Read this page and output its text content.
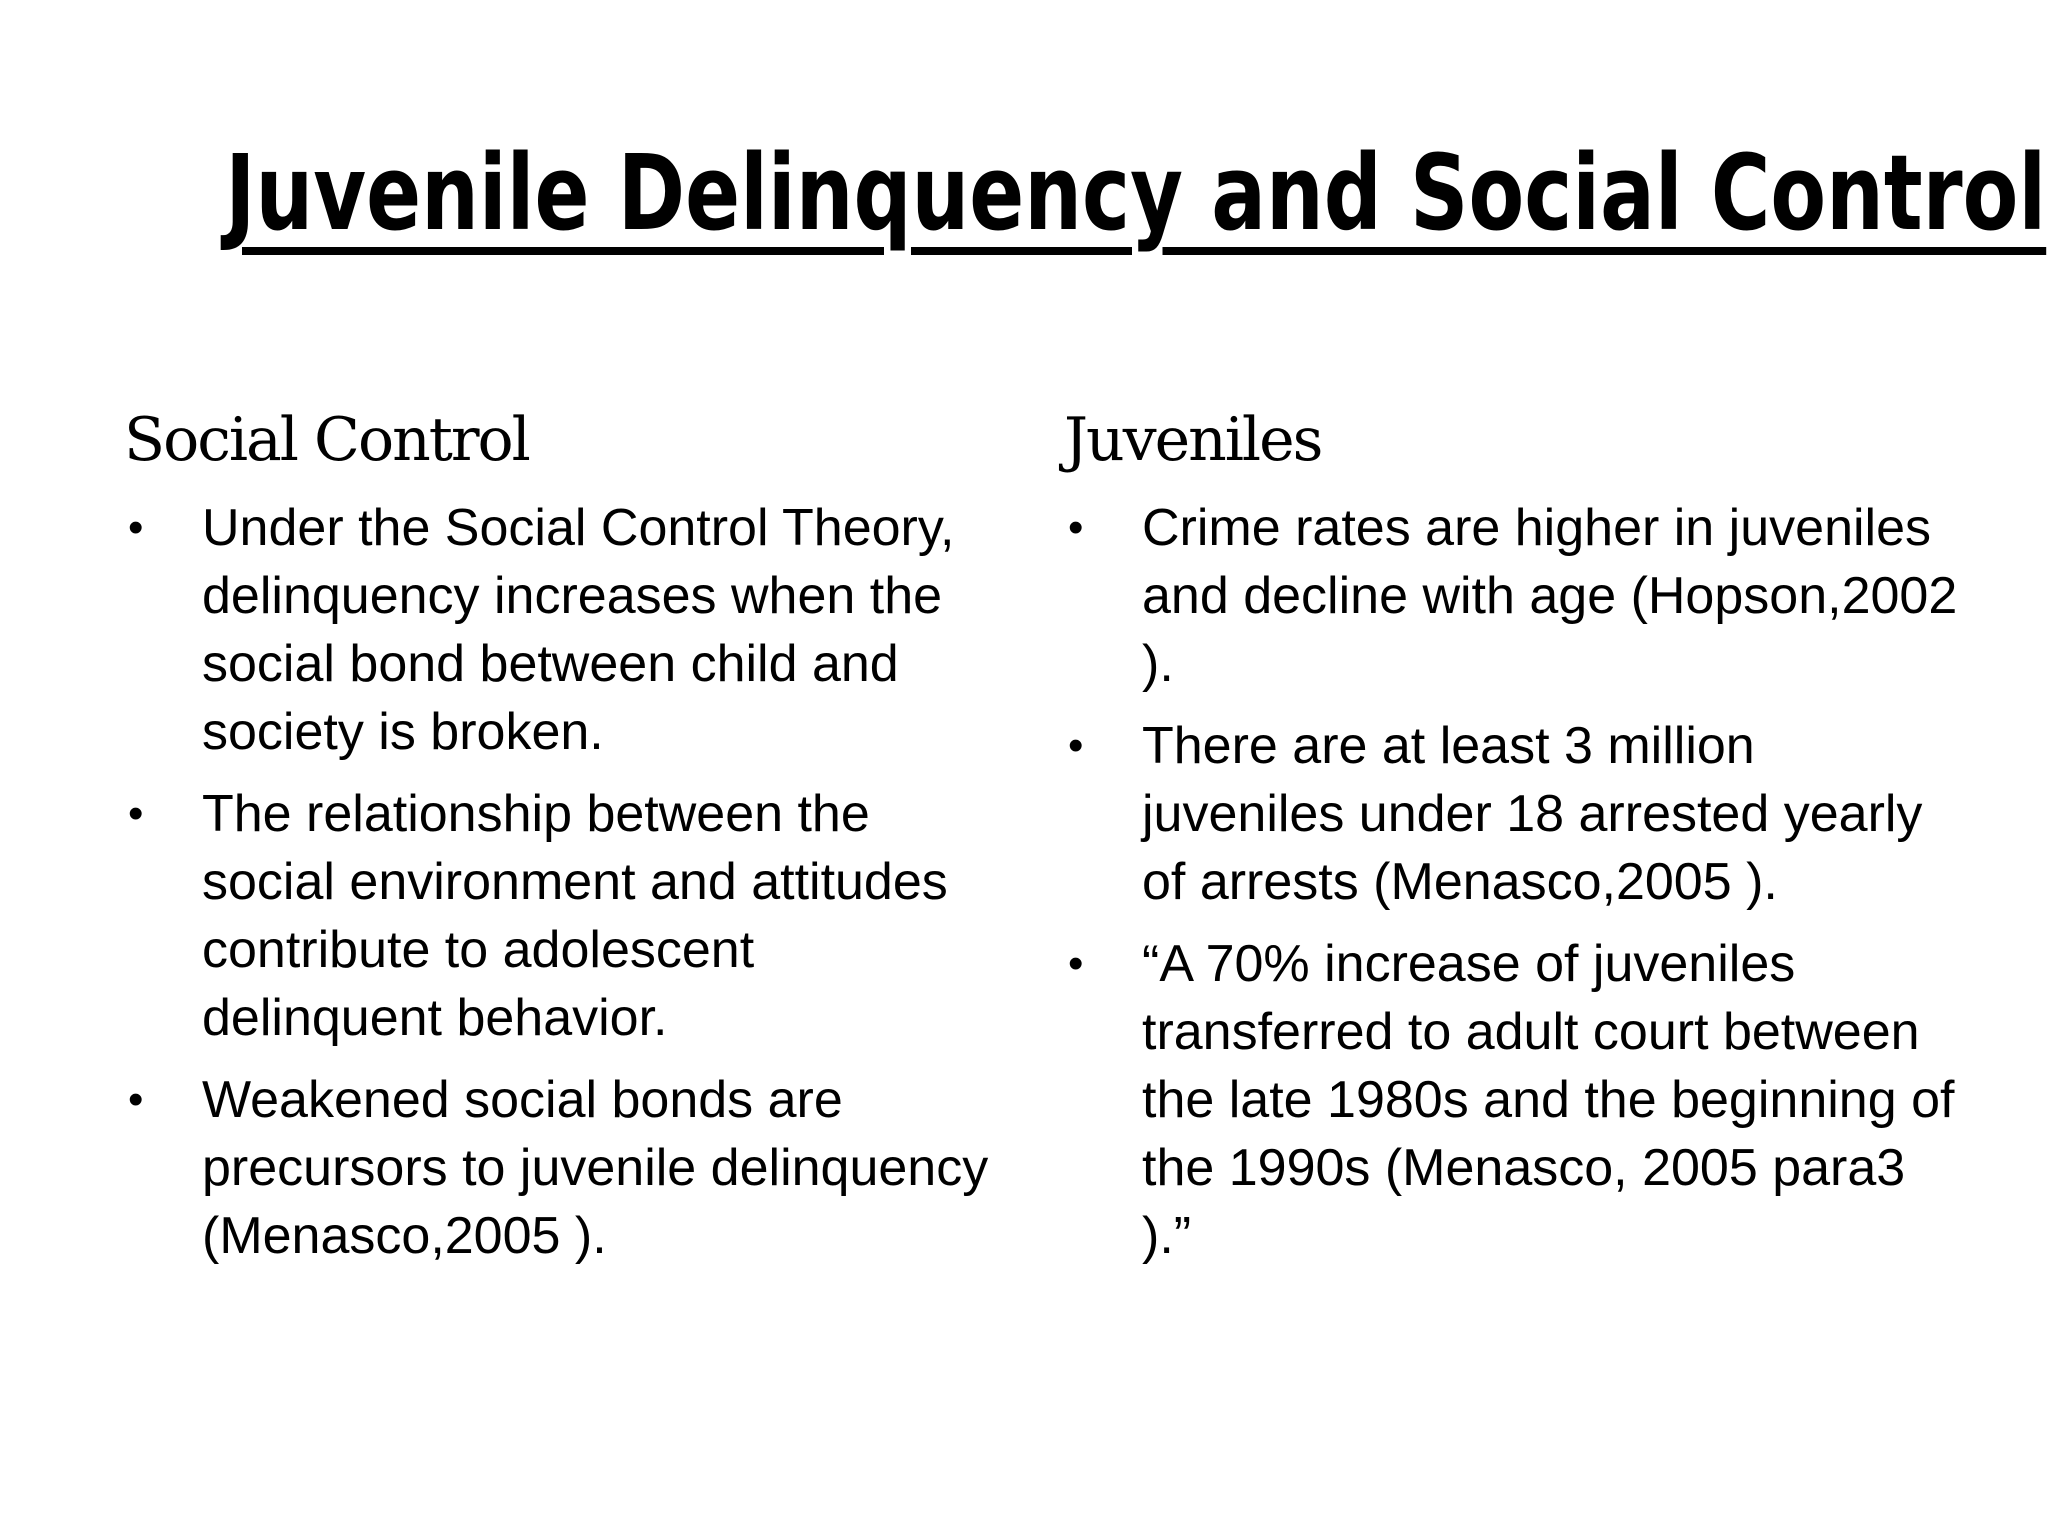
Juvenile Delinquency and Social Control
Social Control
• Under the Social Control Theory, delinquency increases when the social bond between child and society is broken.
• The relationship between the social environment and attitudes contribute to adolescent delinquent behavior.
• Weakened social bonds are precursors to juvenile delinquency (Menasco,2005 ).
Juveniles
• Crime rates are higher in juveniles and decline with age (Hopson,2002 ).
• There are at least 3 million juveniles under 18 arrested yearly of arrests (Menasco,2005 ).
• “A 70% increase of juveniles transferred to adult court between the late 1980s and the beginning of the 1990s (Menasco, 2005 para3 ).”
